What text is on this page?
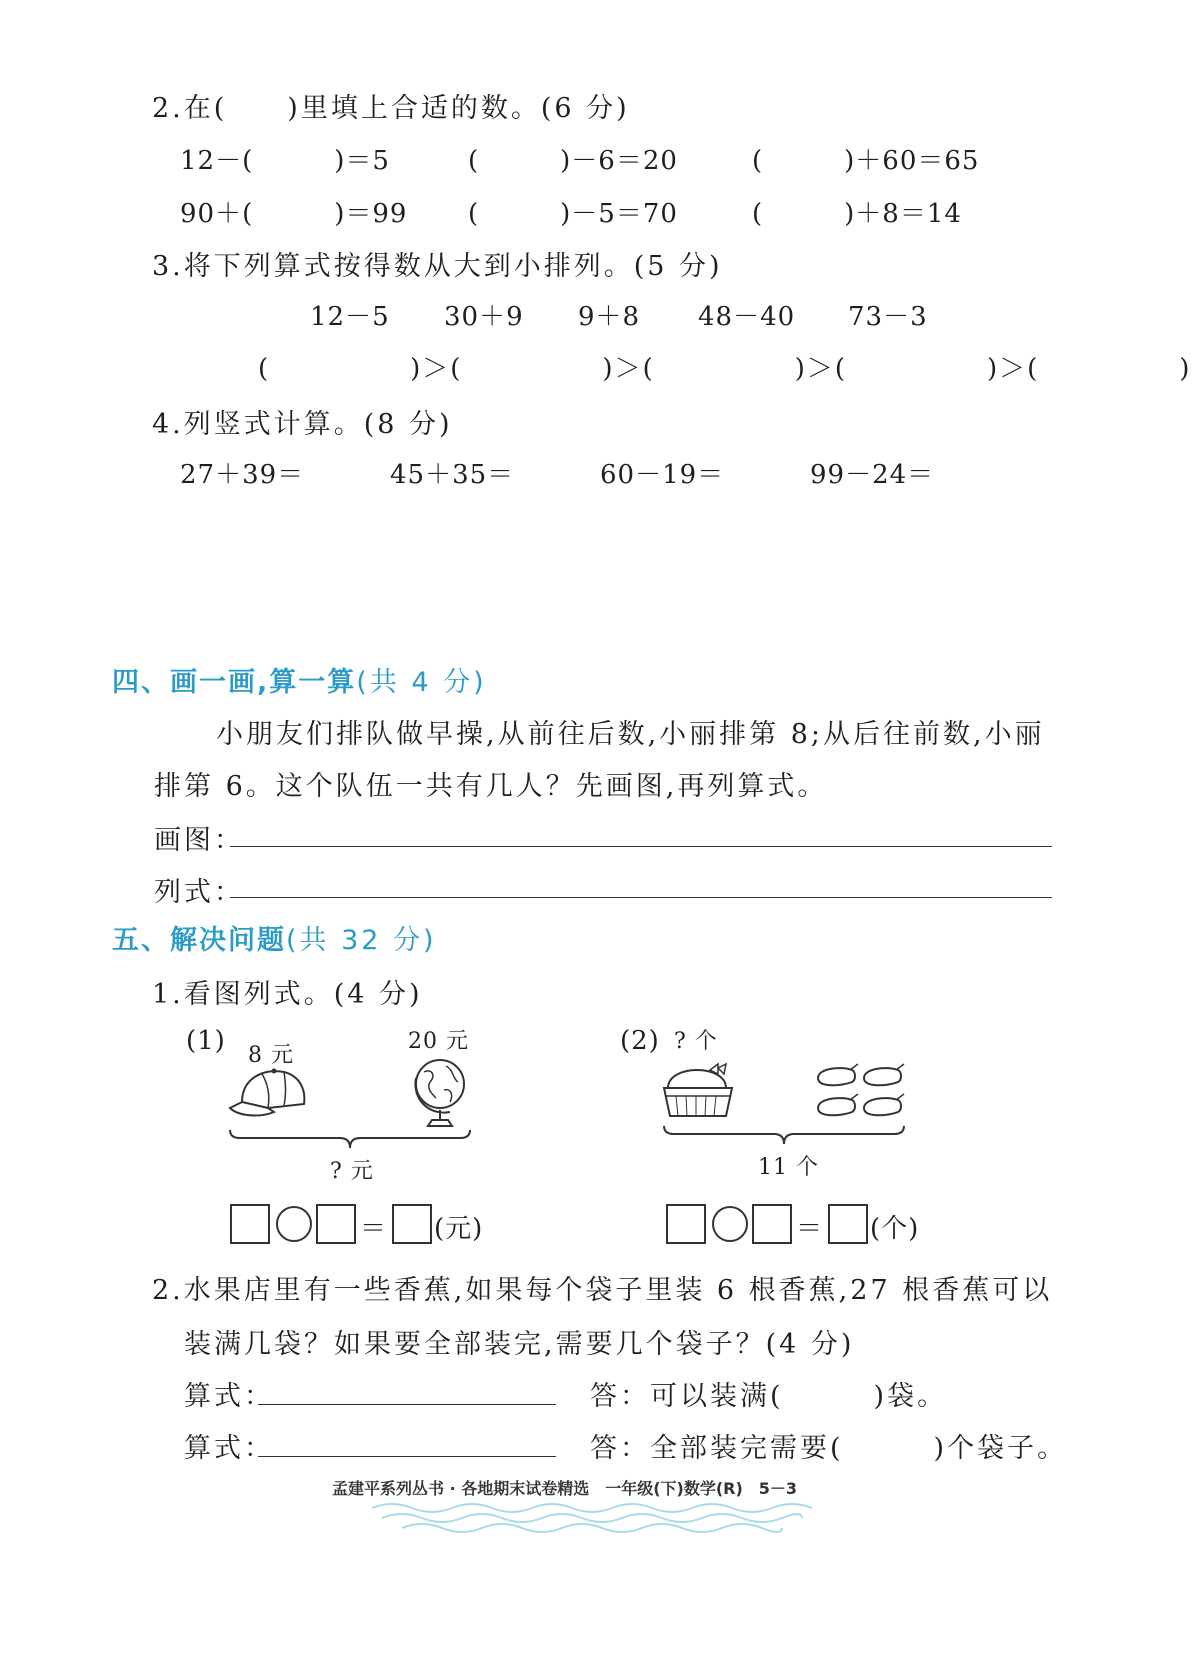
2.在(　　)里填上合适的数。(6 分)
12－(　　　)＝5	(　　　)－6＝20	(　　　)＋60＝65
90＋(　　　)＝99 (　　　)－5＝70	(　　　)＋8＝14
3.将下列算式按得数从大到小排列。(5 分)
12－5 30＋9 9＋8 48－40 73－3
(　　　　　)＞(　　　　　)＞(　　　　　)＞(　　　　　)＞(　　　　　)
4.列竖式计算。(8 分)
27＋39＝	45＋35＝	60－19＝	99－24＝
四、画一画,算一算(共 4 分)
小朋友们排队做早操,从前往后数,小丽排第 8;从后往前数,小丽
排第 6。这个队伍一共有几人？先画图,再列算式。
画图：
列式：
五、解决问题(共 32 分)
1.看图列式。(4 分)
(1) 8 元
20 元
? 元
＝ (元)
(2) ? 个
11 个
＝ (个)
2.水果店里有一些香蕉,如果每个袋子里装 6 根香蕉,27 根香蕉可以
装满几袋？如果要全部装完,需要几个袋子？(4 分)
算式：	答：可以装满(　　　)袋。
算式：	答：全部装完需要(　　　)个袋子。
孟建平系列丛书 · 各地期末试卷精选　一年级(下)数学(R)　5－3
